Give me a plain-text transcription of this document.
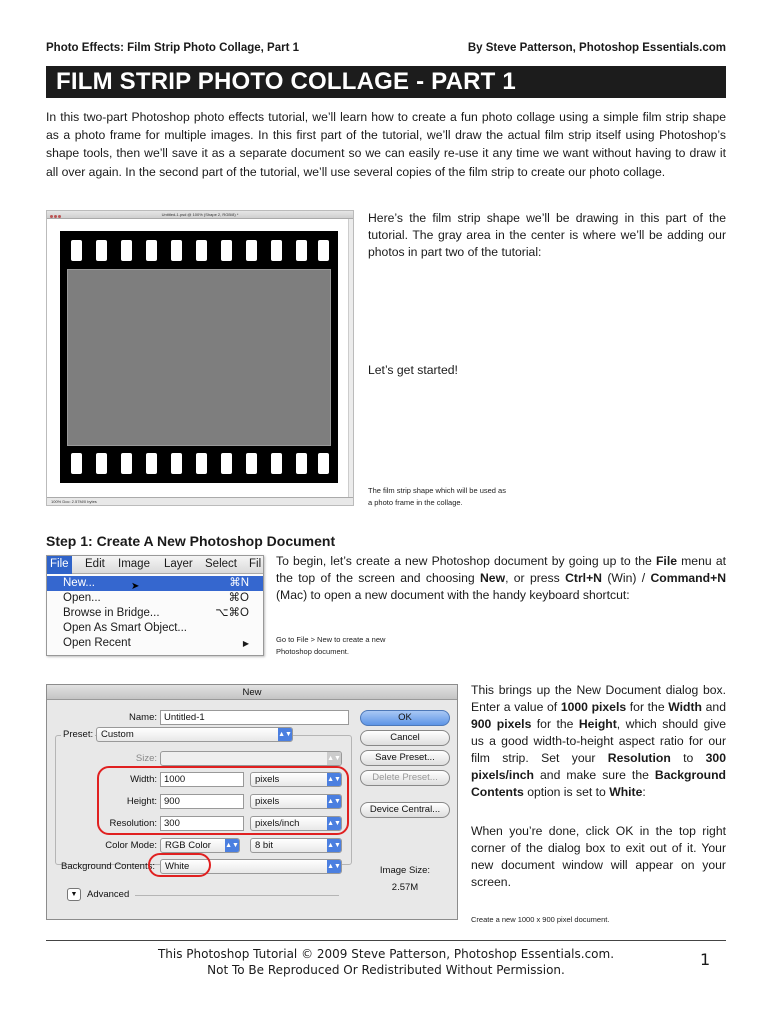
Photo Effects: Film Strip Photo Collage, Part 1	By Steve Patterson, Photoshop Essentials.com
FILM STRIP PHOTO COLLAGE - PART 1
In this two-part Photoshop photo effects tutorial, we’ll learn how to create a fun photo collage using a simple film strip shape as a photo frame for multiple images. In this first part of the tutorial, we’ll draw the actual film strip itself using Photoshop’s shape tools, then we’ll save it as a separate document so we can easily re-use it any time we want without having to draw it all over again. In the second part of the tutorial, we’ll use several copies of the film strip to create our photo collage.
Untitled-1.psd @ 100% (Shape 2, RGB/8) *
100% Doc: 2.57M/0 bytes
Here’s the film strip shape we’ll be drawing in this part of the tutorial. The gray area in the center is where we’ll be adding our photos in part two of the tutorial:
Let’s get started!
The film strip shape which will be used as a photo frame in the collage.
Step 1: Create A New Photoshop Document
File Edit Image Layer Select Fil
New...	➤	⌘N
Open...	⌘O
Browse in Bridge...	⌥⌘O
Open As Smart Object...
Open Recent	▶
To begin, let’s create a new Photoshop document by going up to the File menu at the top of the screen and choosing New, or press Ctrl+N (Win) / Command+N (Mac) to open a new document with the handy keyboard shortcut:
Go to File > New to create a new Photoshop document.
New
Name: Untitled-1
Preset: Custom	▲▼
Size:	▲▼
Width: 1000	pixels	▲▼
Height: 900	pixels	▲▼
Resolution: 300	pixels/inch	▲▼
Color Mode: RGB Color ▲▼	8 bit	▲▼
Background Contents:	White	▲▼
▼	Advanced
OK
Cancel
Save Preset...
Delete Preset...
Device Central...
Image Size:
2.57M
This brings up the New Document dialog box. Enter a value of 1000 pixels for the Width and 900 pixels for the Height, which should give us a good width-to-height aspect ratio for our film strip. Set your Resolution to 300 pixels/inch and make sure the Background Contents option is set to White:
When you’re done, click OK in the top right corner of the dialog box to exit out of it. Your new document window will appear on your screen.
Create a new 1000 x 900 pixel document.
This Photoshop Tutorial © 2009 Steve Patterson, Photoshop Essentials.com.
Not To Be Reproduced Or Redistributed Without Permission.
1
